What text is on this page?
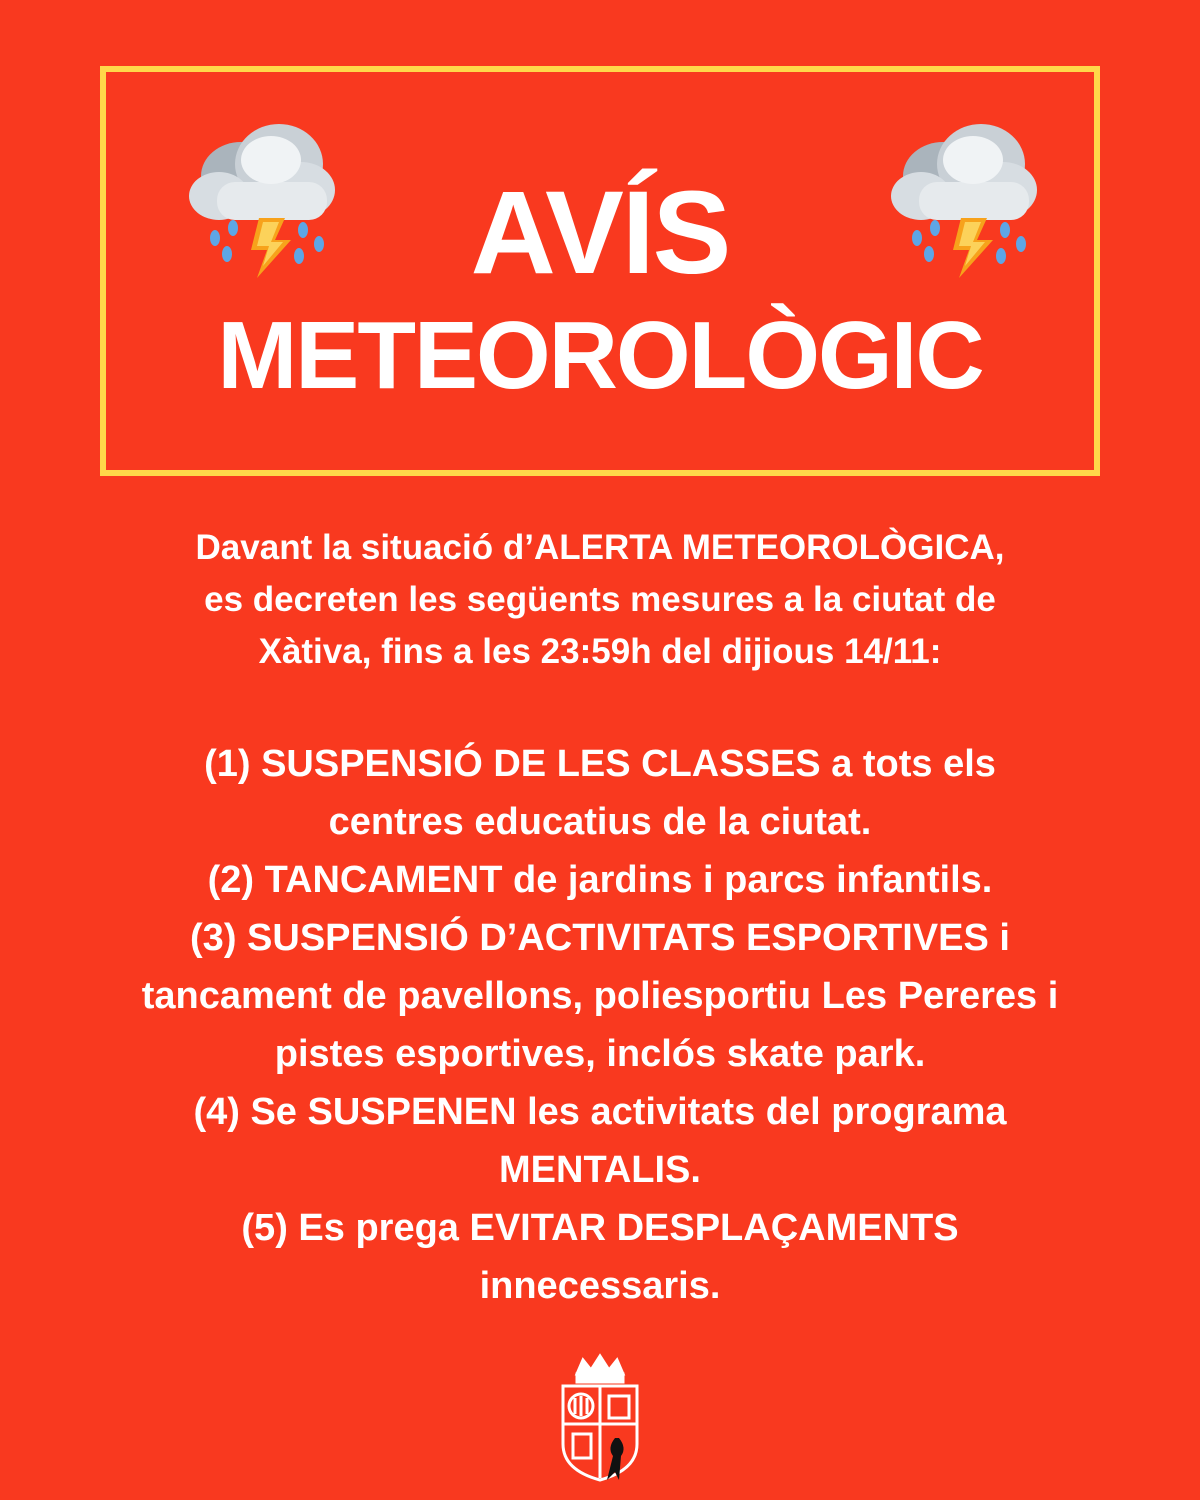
AVÍS
METEOROLÒGIC

Davant la situació d’ALERTA METEOROLÒGICA,
es decreten les següents mesures a la ciutat de
Xàtiva, fins a les 23:59h del dijious 14/11:

(1) SUSPENSIÓ DE LES CLASSES a tots els
centres educatius de la ciutat.
(2) TANCAMENT de jardins i parcs infantils.
(3) SUSPENSIÓ D’ACTIVITATS ESPORTIVES i
tancament de pavellons, poliesportiu Les Pereres i
pistes esportives, inclós skate park.
(4) Se SUSPENEN les activitats del programa
MENTALIS.
(5) Es prega EVITAR DESPLAÇAMENTS
innecessaris.
